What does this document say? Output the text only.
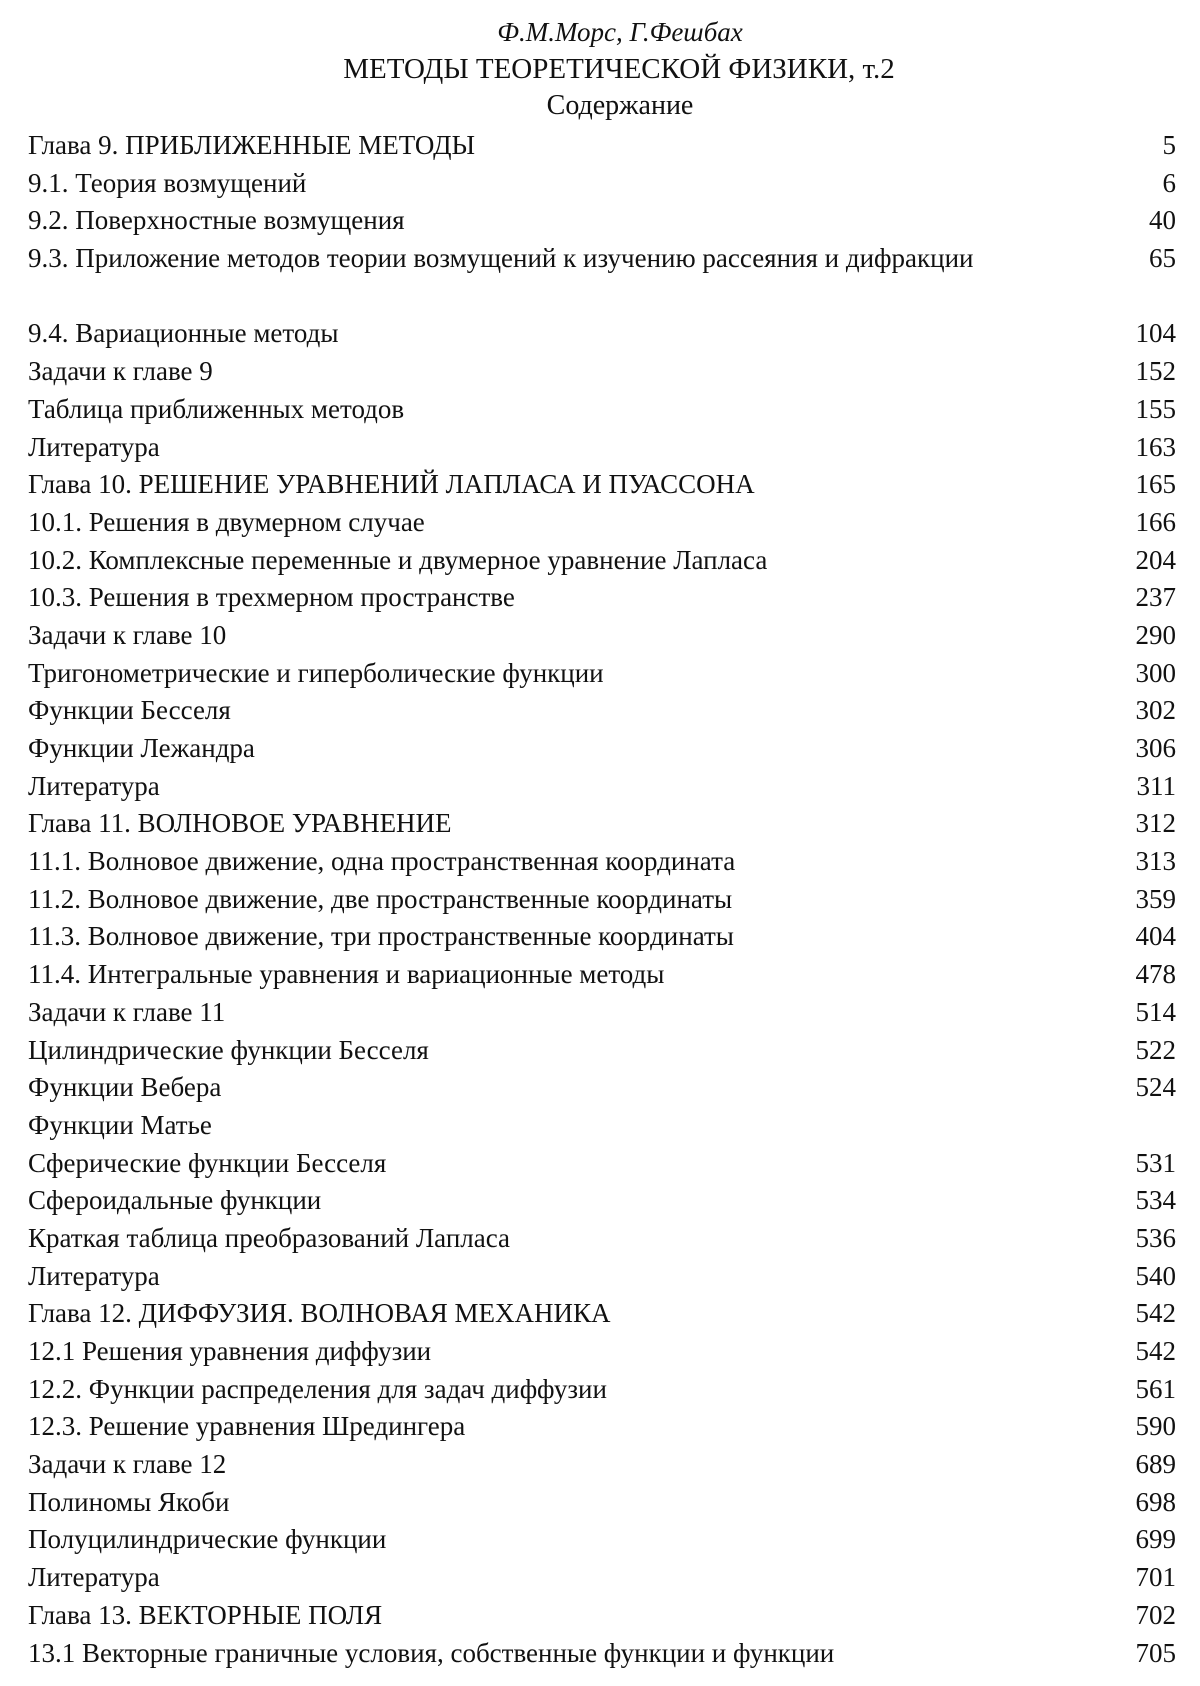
Ф.М.Морс, Г.Фешбах
МЕТОДЫ ТЕОРЕТИЧЕСКОЙ ФИЗИКИ, т.2
Содержание
Глава 9. ПРИБЛИЖЕННЫЕ МЕТОДЫ	5
9.1. Теория возмущений	6
9.2. Поверхностные возмущения	40
9.3. Приложение методов теории возмущений к изучению рассеяния и дифракции	65
9.4. Вариационные методы	104
Задачи к главе 9	152
Таблица приближенных методов	155
Литература	163
Глава 10. РЕШЕНИЕ УРАВНЕНИЙ ЛАПЛАСА И ПУАССОНА	165
10.1. Решения в двумерном случае	166
10.2. Комплексные переменные и двумерное уравнение Лапласа	204
10.3. Решения в трехмерном пространстве	237
Задачи к главе 10	290
Тригонометрические и гиперболические функции	300
Функции Бесселя	302
Функции Лежандра	306
Литература	311
Глава 11. ВОЛНОВОЕ УРАВНЕНИЕ	312
11.1. Волновое движение, одна пространственная координата	313
11.2. Волновое движение, две пространственные координаты	359
11.3. Волновое движение, три пространственные координаты	404
11.4. Интегральные уравнения и вариационные методы	478
Задачи к главе 11	514
Цилиндрические функции Бесселя	522
Функции Вебера	524
Функции Матье
Сферические функции Бесселя	531
Сфероидальные функции	534
Краткая таблица преобразований Лапласа	536
Литература	540
Глава 12. ДИФФУЗИЯ. ВОЛНОВАЯ МЕХАНИКА	542
12.1 Решения уравнения диффузии	542
12.2. Функции распределения для задач диффузии	561
12.3. Решение уравнения Шредингера	590
Задачи к главе 12	689
Полиномы Якоби	698
Полуцилиндрические функции	699
Литература	701
Глава 13. ВЕКТОРНЫЕ ПОЛЯ	702
13.1 Векторные граничные условия, собственные функции и функции	705
